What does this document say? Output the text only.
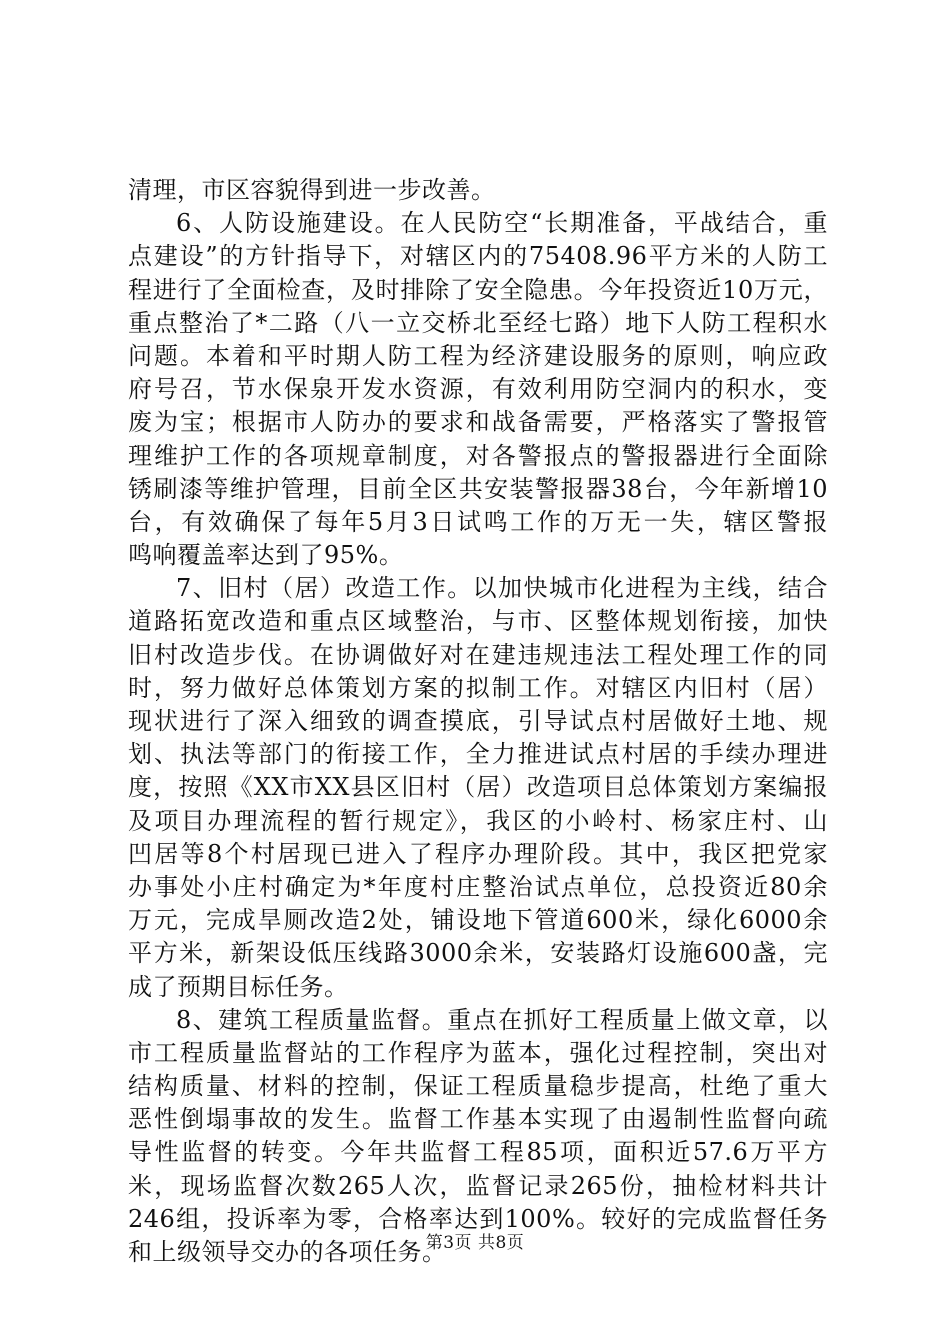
清理，市区容貌得到进一步改善。
6、人防设施建设。在人民防空“长期准备，平战结合，重
点建设”的方针指导下，对辖区内的75408.96平方米的人防工
程进行了全面检查，及时排除了安全隐患。今年投资近10万元，
重点整治了*二路（八一立交桥北至经七路）地下人防工程积水
问题。本着和平时期人防工程为经济建设服务的原则，响应政
府号召，节水保泉开发水资源，有效利用防空洞内的积水，变
废为宝；根据市人防办的要求和战备需要，严格落实了警报管
理维护工作的各项规章制度，对各警报点的警报器进行全面除
锈刷漆等维护管理，目前全区共安装警报器38台，今年新增10
台，有效确保了每年5月3日试鸣工作的万无一失，辖区警报
鸣响覆盖率达到了95%。
7、旧村（居）改造工作。以加快城市化进程为主线，结合
道路拓宽改造和重点区域整治，与市、区整体规划衔接，加快
旧村改造步伐。在协调做好对在建违规违法工程处理工作的同
时，努力做好总体策划方案的拟制工作。对辖区内旧村（居）
现状进行了深入细致的调查摸底，引导试点村居做好土地、规
划、执法等部门的衔接工作，全力推进试点村居的手续办理进
度，按照《XX市XX县区旧村（居）改造项目总体策划方案编报
及项目办理流程的暂行规定》，我区的小岭村、杨家庄村、山
凹居等8个村居现已进入了程序办理阶段。其中，我区把党家
办事处小庄村确定为*年度村庄整治试点单位，总投资近80余
万元，完成旱厕改造2处，铺设地下管道600米，绿化6000余
平方米，新架设低压线路3000余米，安装路灯设施600盏，完
成了预期目标任务。
8、建筑工程质量监督。重点在抓好工程质量上做文章，以
市工程质量监督站的工作程序为蓝本，强化过程控制，突出对
结构质量、材料的控制，保证工程质量稳步提高，杜绝了重大
恶性倒塌事故的发生。监督工作基本实现了由遏制性监督向疏
导性监督的转变。今年共监督工程85项，面积近57.6万平方
米，现场监督次数265人次，监督记录265份，抽检材料共计
246组，投诉率为零，合格率达到100%。较好的完成监督任务
和上级领导交办的各项任务。
第3页 共8页
